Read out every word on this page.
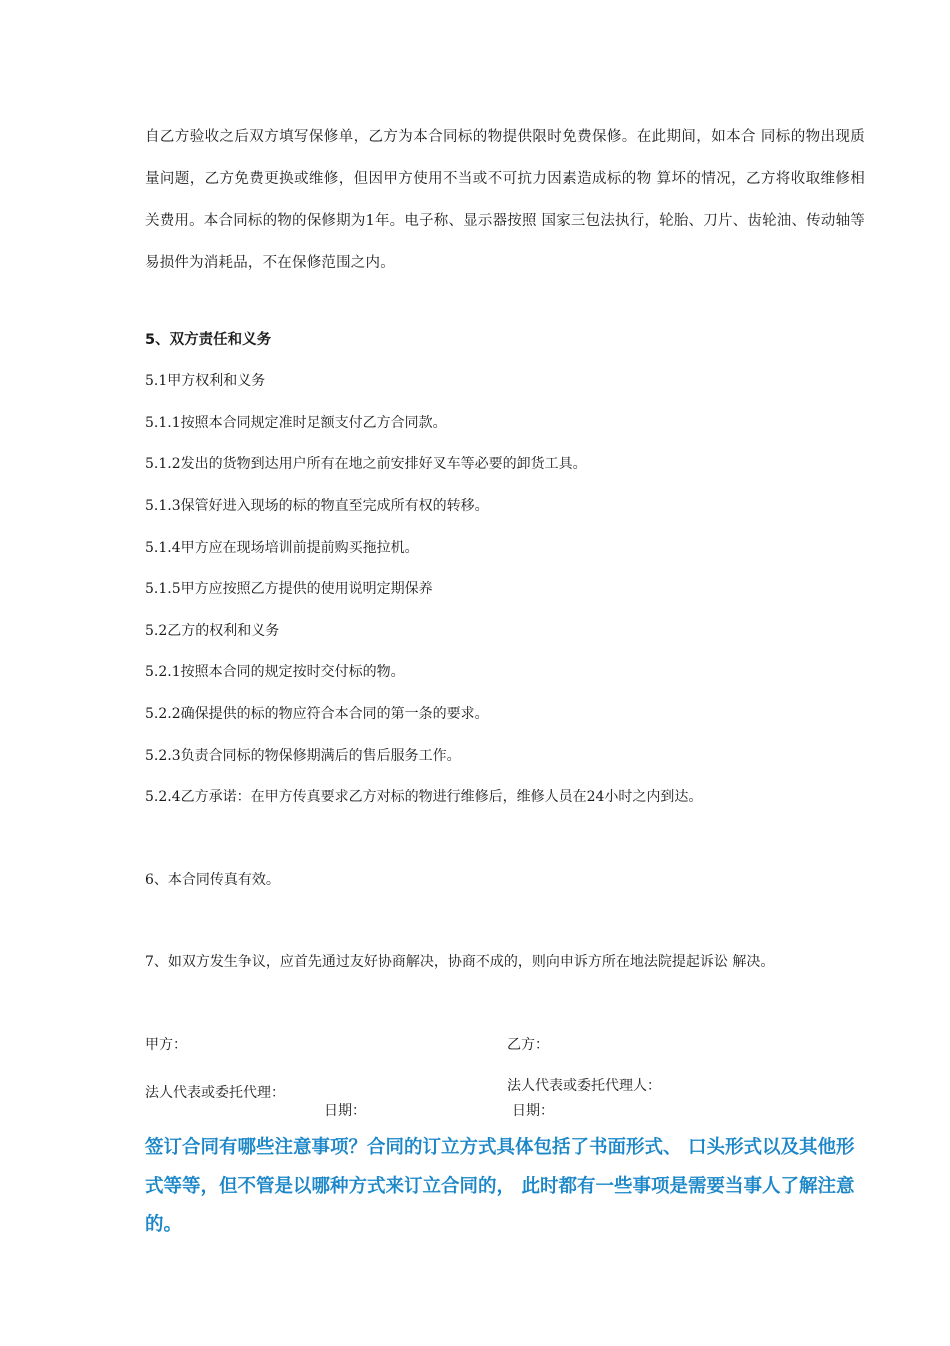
自乙方验收之后双方填写保修单，乙方为本合同标的物提供限时免费保修。在此期间，如本合 同标的物出现质量问题，乙方免费更换或维修，但因甲方使用不当或不可抗力因素造成标的物 算坏的情况，乙方将收取维修相关费用。本合同标的物的保修期为1年。电子称、显示器按照 国家三包法执行，轮胎、刀片、齿轮油、传动轴等易损件为消耗品，不在保修范围之内。
5、双方责任和义务
5.1甲方权利和义务
5.1.1按照本合同规定准时足额支付乙方合同款。
5.1.2发出的货物到达用户所有在地之前安排好叉车等必要的卸货工具。
5.1.3保管好进入现场的标的物直至完成所有权的转移。
5.1.4甲方应在现场培训前提前购买拖拉机。
5.1.5甲方应按照乙方提供的使用说明定期保养
5.2乙方的权利和义务
5.2.1按照本合同的规定按时交付标的物。
5.2.2确保提供的标的物应符合本合同的第一条的要求。
5.2.3负责合同标的物保修期满后的售后服务工作。
5.2.4乙方承诺：在甲方传真要求乙方对标的物进行维修后，维修人员在24小时之内到达。
6、本合同传真有效。
7、如双方发生争议，应首先通过友好协商解决，协商不成的，则向申诉方所在地法院提起诉讼 解决。
甲方：	乙方：
法人代表或委托代理：	法人代表或委托代理人：
日期：	日期：
签订合同有哪些注意事项？合同的订立方式具体包括了书面形式、 口头形式以及其他形式等等，但不管是以哪种方式来订立合同的， 此时都有一些事项是需要当事人了解注意的。
